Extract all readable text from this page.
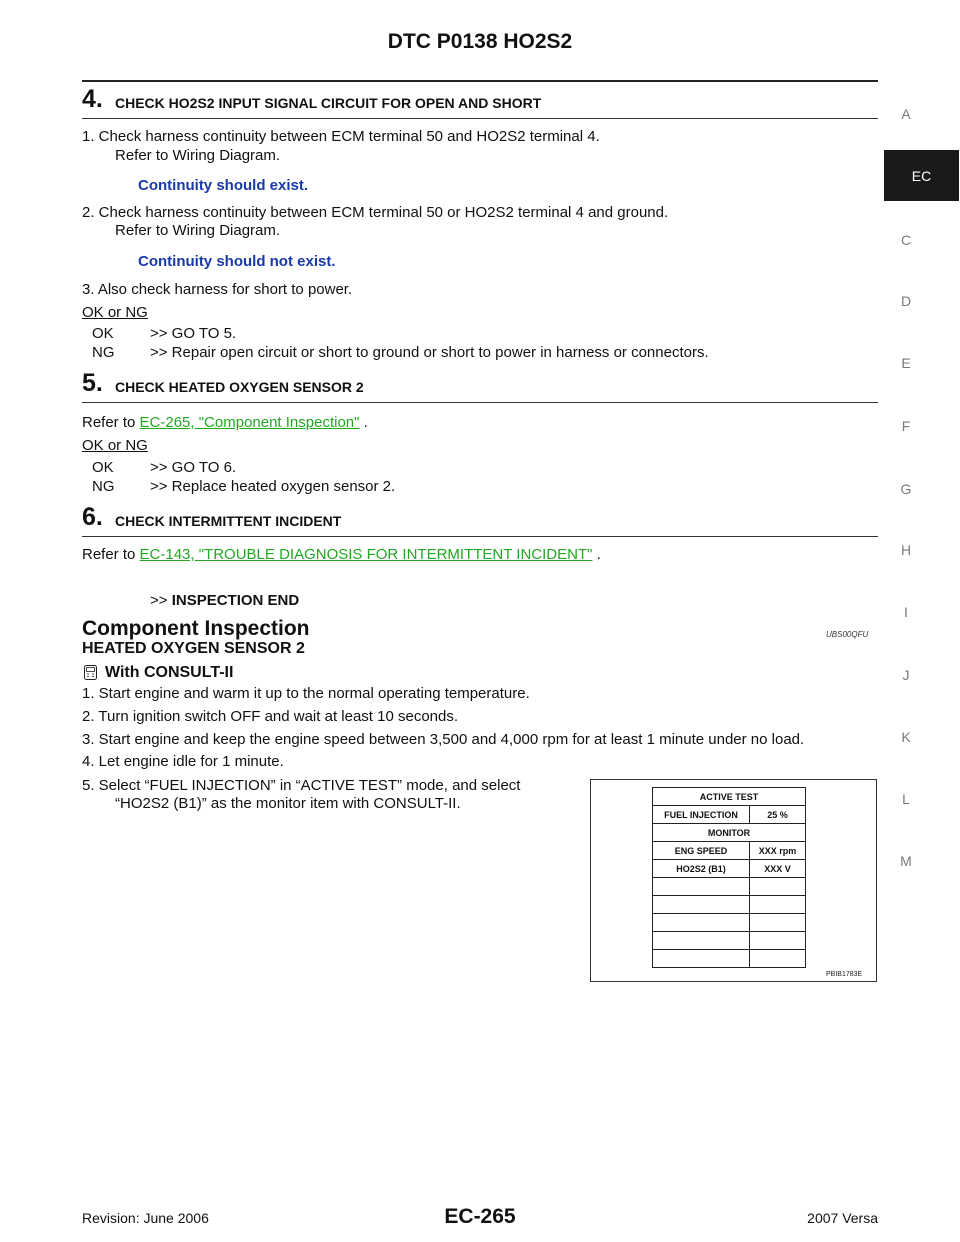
DTC P0138 HO2S2
A
EC
C
D
E
F
G
H
I
J
K
L
M
4. CHECK HO2S2 INPUT SIGNAL CIRCUIT FOR OPEN AND SHORT
1. Check harness continuity between ECM terminal 50 and HO2S2 terminal 4.
Refer to Wiring Diagram.
Continuity should exist.
2. Check harness continuity between ECM terminal 50 or HO2S2 terminal 4 and ground.
Refer to Wiring Diagram.
Continuity should not exist.
3. Also check harness for short to power.
OK or NG
OK >> GO TO 5.
NG >> Repair open circuit or short to ground or short to power in harness or connectors.
5. CHECK HEATED OXYGEN SENSOR 2
Refer to EC-265, "Component Inspection" .
OK or NG
OK >> GO TO 6.
NG >> Replace heated oxygen sensor 2.
6. CHECK INTERMITTENT INCIDENT
Refer to EC-143, "TROUBLE DIAGNOSIS FOR INTERMITTENT INCIDENT" .
>> INSPECTION END
Component Inspection	UBS00QFU
HEATED OXYGEN SENSOR 2
With CONSULT-II
1. Start engine and warm it up to the normal operating temperature.
2. Turn ignition switch OFF and wait at least 10 seconds.
3. Start engine and keep the engine speed between 3,500 and 4,000 rpm for at least 1 minute under no load.
4. Let engine idle for 1 minute.
5. Select “FUEL INJECTION” in “ACTIVE TEST” mode, and select
“HO2S2 (B1)” as the monitor item with CONSULT-II.	ACTIVE TEST	
FUEL INJECTION	25 %
MONITOR	
ENG SPEED	XXX rpm
HO2S2 (B1)	XXX V

PBIB1783E
Revision: June 2006	EC-265	2007 Versa
